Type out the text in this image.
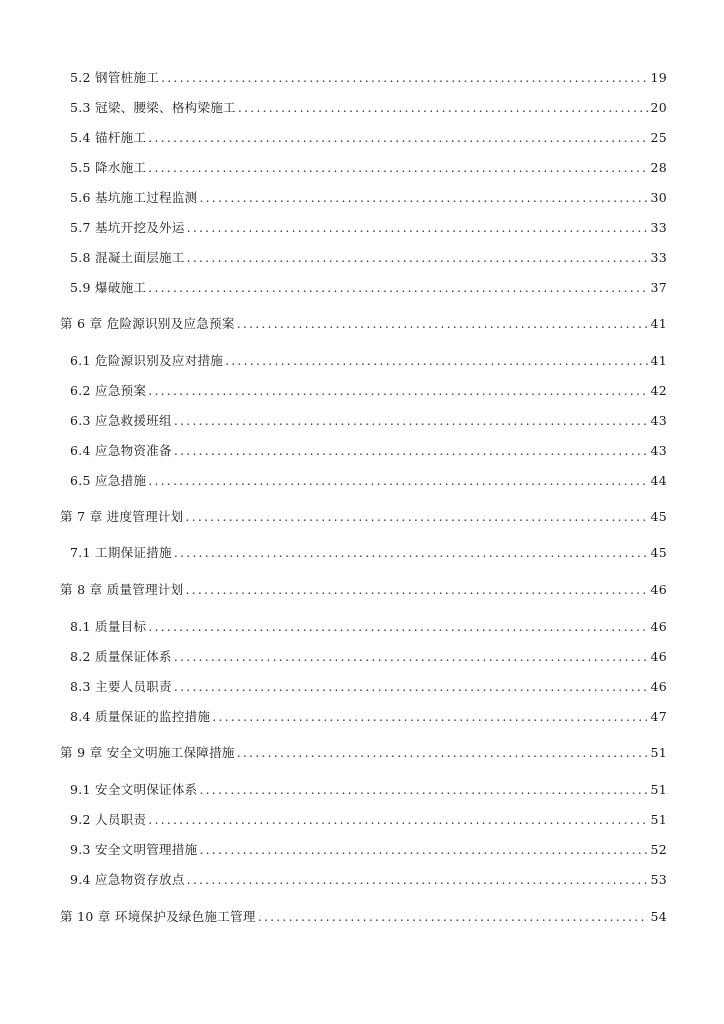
5.2 钢管桩施工 .....	19
5.3 冠梁、腰梁、格构梁施工 .....	20
5.4 锚杆施工 .....	25
5.5 降水施工 .....	28
5.6 基坑施工过程监测 .....	30
5.7 基坑开挖及外运 .....	33
5.8 混凝土面层施工 .....	33
5.9 爆破施工 .....	37
第 6 章 危险源识别及应急预案 .....	41
6.1 危险源识别及应对措施 .....	41
6.2 应急预案 .....	42
6.3 应急救援班组 .....	43
6.4 应急物资准备 .....	43
6.5 应急措施 .....	44
第 7 章 进度管理计划 .....	45
7.1 工期保证措施 .....	45
第 8 章 质量管理计划 .....	46
8.1 质量目标 .....	46
8.2 质量保证体系 .....	46
8.3 主要人员职责 .....	46
8.4 质量保证的监控措施 .....	47
第 9 章 安全文明施工保障措施 .....	51
9.1 安全文明保证体系 .....	51
9.2 人员职责 .....	51
9.3 安全文明管理措施 .....	52
9.4 应急物资存放点 .....	53
第 10 章 环境保护及绿色施工管理 .....	54
